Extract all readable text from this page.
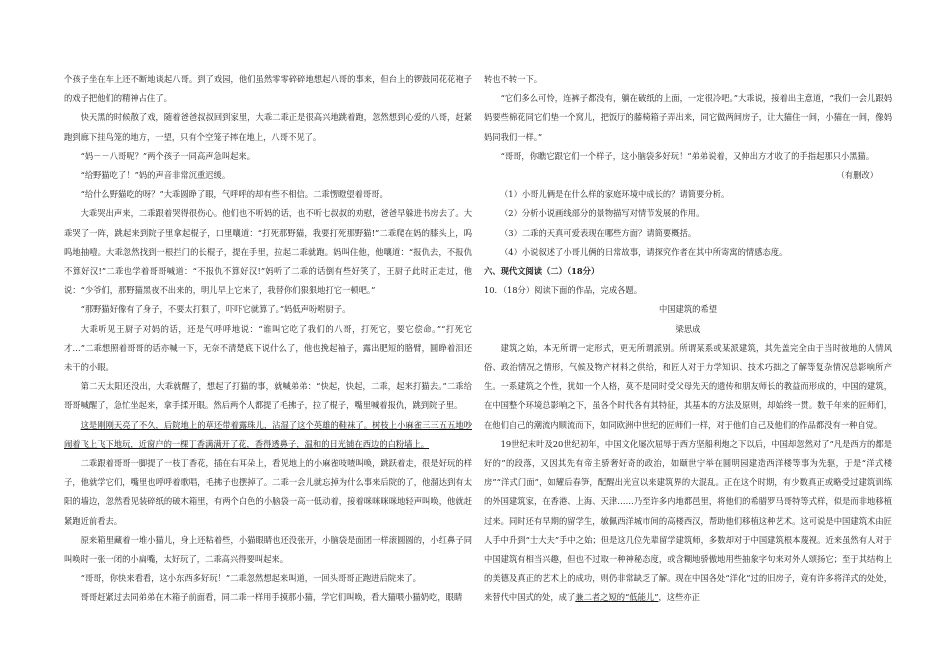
个孩子坐在车上还不断地谈起八哥。到了戏园，他们虽然零零碎碎地想起八哥的事来，但台上的锣鼓同花花袍子的戏子把他们的精神占住了。

快天黑的时候散了戏，随着爸爸叔叔回到家里，大乖二乖正是很高兴地跳着跑，忽然想到心爱的八哥，赶紧跑到廊下挂鸟笼的地方，一望，只有个空笼子摔在地上，八哥不见了。

“妈－－八哥呢？”两个孩子一同高声急叫起来。

“给野猫吃了！”妈的声音非常沉重迟缓。

“给什么野猫吃的呀？”大乖圆睁了眼，气呼呼的却有些不相信。二乖愣瞪望着哥哥。

大乖哭出声来，二乖跟着哭得很伤心。他们也不听妈的话，也不听七叔叔的劝慰，爸爸早躲进书房去了。大乖哭了一阵，跳起来到院子里拿起棍子，口里嚷道：“打死那野猫，我要打死那野猫!”二乖爬在妈的膝头上，呜呜地抽噎。大乖忽然找到一根拦门的长棍子，提在手里，拉起二乖就跑。妈叫住他，他嚷道：“报仇去，不报仇不算好汉!”二乖也学着哥哥喊道：“不报仇不算好汉!”妈听了二乖的话倒有些好笑了，王厨子此时正走过，他说：“少爷们，那野猫黑夜不出来的，明儿早上它来了，我替你们狠狠地打它一顿吧。”

“那野猫好像有了身子，不要太打狠了，吓吓它就算了。”妈低声吩咐厨子。

大乖听见王厨子对妈的话，还是气呼呼地说：“谁叫它吃了我们的八哥，打死它，要它偿命。”“打死它才…”二乖想照着哥哥的话亦喊一下，无奈不清楚底下说什么了，他也挽起袖子，露出肥短的胳臂，圆睁着泪还未干的小眼。

第二天太阳还没出，大乖就醒了，想起了打猫的事，就喊弟弟：“快起，快起，二乖，起来打猫去。”二乖给哥哥喊醒了，急忙坐起来，拿手揉开眼。然后两个人都提了毛拂子，拉了棍子，嘴里喊着报仇，跳到院子里。

这是刚刚天亮了不久，后院地上的草还带着露珠儿，沾湿了这个英雄的鞋袜了。树枝上小麻雀三三五五地吵闹着飞上飞下地玩，近窗户的一棵丁香满满开了花，香得透鼻子，温和的日光铺在西边的白粉墙上。

二乖跟着哥哥一脚提了一枝丁香花，插在右耳朵上，看见地上的小麻雀吱喳叫唤，跳跃着走，很是好玩的样子，他就学它们，嘴里也呼呼着歌唱，毛拂子也摆掉了。二乖一会儿就忘掉为什么事来后院的了，他溜达到有太阳的墙边，忽然看见装碎纸的破木箱里，有两个白色的小脑袋一高一低动着，接着咪咪咪咪地轻声叫唤，他就赶紧跑近前看去。

原来箱里藏着一堆小猫儿，身上还粘着些，小猫眼睛也还没张开，小脑袋是面团一样滚圆圆的，小红鼻子同叫唤时一张一闭的小扁嘴，太好玩了，二乖高兴得要叫起来。

“哥哥，你快来看看，这小东西多好玩！”二乖忽然想起来叫道，一回头哥哥正跑进后院来了。

哥哥赶紧过去同弟弟在木箱子前面看，同二乖一样用手摸那小猫，学它们叫唤，看大猫喂小猫奶吃，眼睛

转也不转一下。

“它们多么可怜，连裤子都没有，躺在破纸的上面，一定很冷吧。”大乖说，接着出主意道，“我们一会儿跟妈妈要些棉花同它们垫一个窝儿，把饭厅的藤椅箱子弄出来，同它做两间房子，让大猫住一间，小猫在一间，像妈妈同我们一样。”

“哥哥，你瞧它跟它们一个样子，这小脑袋多好玩！”弟弟说着，又伸出方才收了的手指起那只小黑猫。

（有删改）

（1）小哥儿俩是在什么样的家庭环境中成长的？请简要分析。

（2）分析小说画线部分的景物描写对情节发展的作用。

（3）二乖的天真可爱表现在哪些方面？请简要概括。

（4）小说叙述了小哥儿俩的日常故事，请探究作者在其中所寄寓的情感态度。

六、现代文阅读（二）（18分）

10．（18分）阅读下面的作品，完成各题。

中国建筑的希望

梁思成

建筑之始，本无所谓一定形式，更无所谓派别。所谓某系或某派建筑，其先盖完全由于当时彼地的人情风俗、政治情况之情形，气候及物产材料之供给，和匠人对于力学知识、技术巧拙之了解等复杂情况总影响所产生。一系建筑之个性，犹如一个人格，莫不是同时受父母先天的遗传和朋友师长的教益而形成的，中国的建筑，在中国整个环境总影响之下，虽各个时代各有其特征，其基本的方法及原则，却始终一贯。数千年来的匠师们，在他们自己的潮流内顺流而下，如同欧洲中世纪的匠师们一样，对于他们自己及他们的作品都没有一种自觉。

19世纪末叶及20世纪初年，中国文化屡次屈辱于西方坚船利炮之下以后，中国却忽然对了“凡是西方的都是好的”的段落，又因其先有帝主骄奢好奇的政治，如颐世宁举在圆明园建造西洋楼等事为先驱，于是“洋式楼房”“洋式门面”，如耀后春笋，配醒出光宣以来建筑界的大混乱。正在这个时期，有少数真正或略受过建筑训练的外国建筑家，在香港、上海、天津……乃至许多内地都邑里，将他们的希腊罗马哥特等式样，似是而非地移植过来。同时还有早期的留学生，敏佩西洋城市间的高楼西汉，帮助他们移植这种艺术。这可说是中国建筑术由匠人手中升到“士大夫”手中之始；但是这几位先辈留学建筑师，多数却对于中国建筑根本蔑视。近来虽然有人对于中国建筑有相当兴趣，但也不过取一种神秘态度，或含糊地骄傲地用些抽象字句来对外人颂扬它；至于其结构上的美德及真正的艺术上的成功，则仍非常缺乏了解。现在中国各处“洋化”过的旧房子，竟有许多将洋式的处处，来替代中国式的处，成了兼二者之短的“低能儿”，这些亦正
